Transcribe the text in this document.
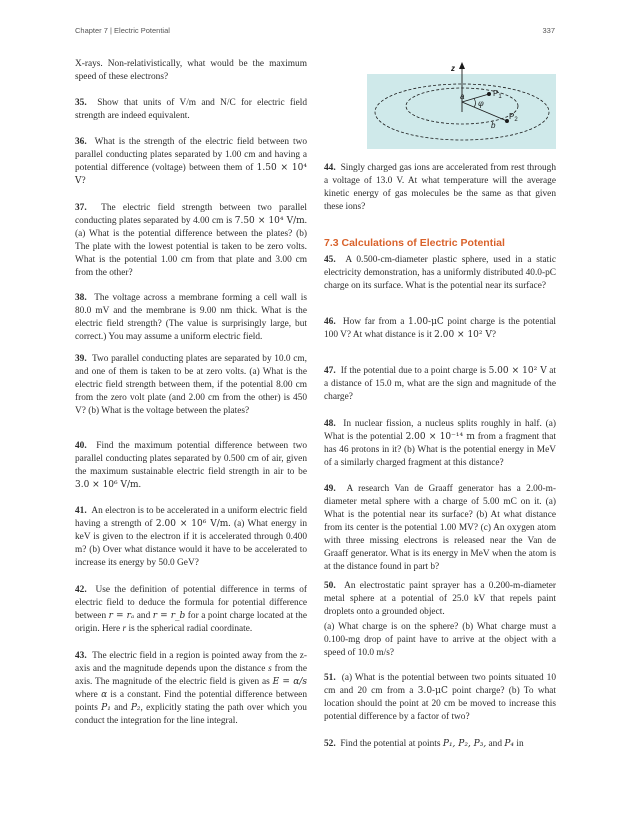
Chapter 7 | Electric Potential	337

X-rays. Non-relativistically, what would be the maximum speed of these electrons?

35. Show that units of V/m and N/C for electric field strength are indeed equivalent.

36. What is the strength of the electric field between two parallel conducting plates separated by 1.00 cm and having a potential difference (voltage) between them of 1.50 × 10⁴ V?

37. The electric field strength between two parallel conducting plates separated by 4.00 cm is 7.50 × 10⁴ V/m. (a) What is the potential difference between the plates? (b) The plate with the lowest potential is taken to be zero volts. What is the potential 1.00 cm from that plate and 3.00 cm from the other?

38. The voltage across a membrane forming a cell wall is 80.0 mV and the membrane is 9.00 nm thick. What is the electric field strength? (The value is surprisingly large, but correct.) You may assume a uniform electric field.

39. Two parallel conducting plates are separated by 10.0 cm, and one of them is taken to be at zero volts. (a) What is the electric field strength between them, if the potential 8.00 cm from the zero volt plate (and 2.00 cm from the other) is 450 V? (b) What is the voltage between the plates?

40. Find the maximum potential difference between two parallel conducting plates separated by 0.500 cm of air, given the maximum sustainable electric field strength in air to be 3.0 × 10⁶ V/m.

41. An electron is to be accelerated in a uniform electric field having a strength of 2.00 × 10⁶ V/m. (a) What energy in keV is given to the electron if it is accelerated through 0.400 m? (b) Over what distance would it have to be accelerated to increase its energy by 50.0 GeV?

42. Use the definition of potential difference in terms of electric field to deduce the formula for potential difference between r = rₐ and r = r_b for a point charge located at the origin. Here r is the spherical radial coordinate.

43. The electric field in a region is pointed away from the z-axis and the magnitude depends upon the distance s from the axis. The magnitude of the electric field is given as E = α/s where α is a constant. Find the potential difference between points P₁ and P₂, explicitly stating the path over which you conduct the integration for the line integral.

z
a
φ
b
$P_1$
$P_2$

44. Singly charged gas ions are accelerated from rest through a voltage of 13.0 V. At what temperature will the average kinetic energy of gas molecules be the same as that given these ions?

7.3 Calculations of Electric Potential

45. A 0.500-cm-diameter plastic sphere, used in a static electricity demonstration, has a uniformly distributed 40.0-pC charge on its surface. What is the potential near its surface?

46. How far from a 1.00-μC point charge is the potential 100 V? At what distance is it 2.00 × 10² V?

47. If the potential due to a point charge is 5.00 × 10² V at a distance of 15.0 m, what are the sign and magnitude of the charge?

48. In nuclear fission, a nucleus splits roughly in half. (a) What is the potential 2.00 × 10⁻¹⁴ m from a fragment that has 46 protons in it? (b) What is the potential energy in MeV of a similarly charged fragment at this distance?

49. A research Van de Graaff generator has a 2.00-m-diameter metal sphere with a charge of 5.00 mC on it. (a) What is the potential near its surface? (b) At what distance from its center is the potential 1.00 MV? (c) An oxygen atom with three missing electrons is released near the Van de Graaff generator. What is its energy in MeV when the atom is at the distance found in part b?

50. An electrostatic paint sprayer has a 0.200-m-diameter metal sphere at a potential of 25.0 kV that repels paint droplets onto a grounded object.

(a) What charge is on the sphere? (b) What charge must a 0.100-mg drop of paint have to arrive at the object with a speed of 10.0 m/s?

51. (a) What is the potential between two points situated 10 cm and 20 cm from a 3.0-μC point charge? (b) To what location should the point at 20 cm be moved to increase this potential difference by a factor of two?

52. Find the potential at points P₁, P₂, P₃, and P₄ in
